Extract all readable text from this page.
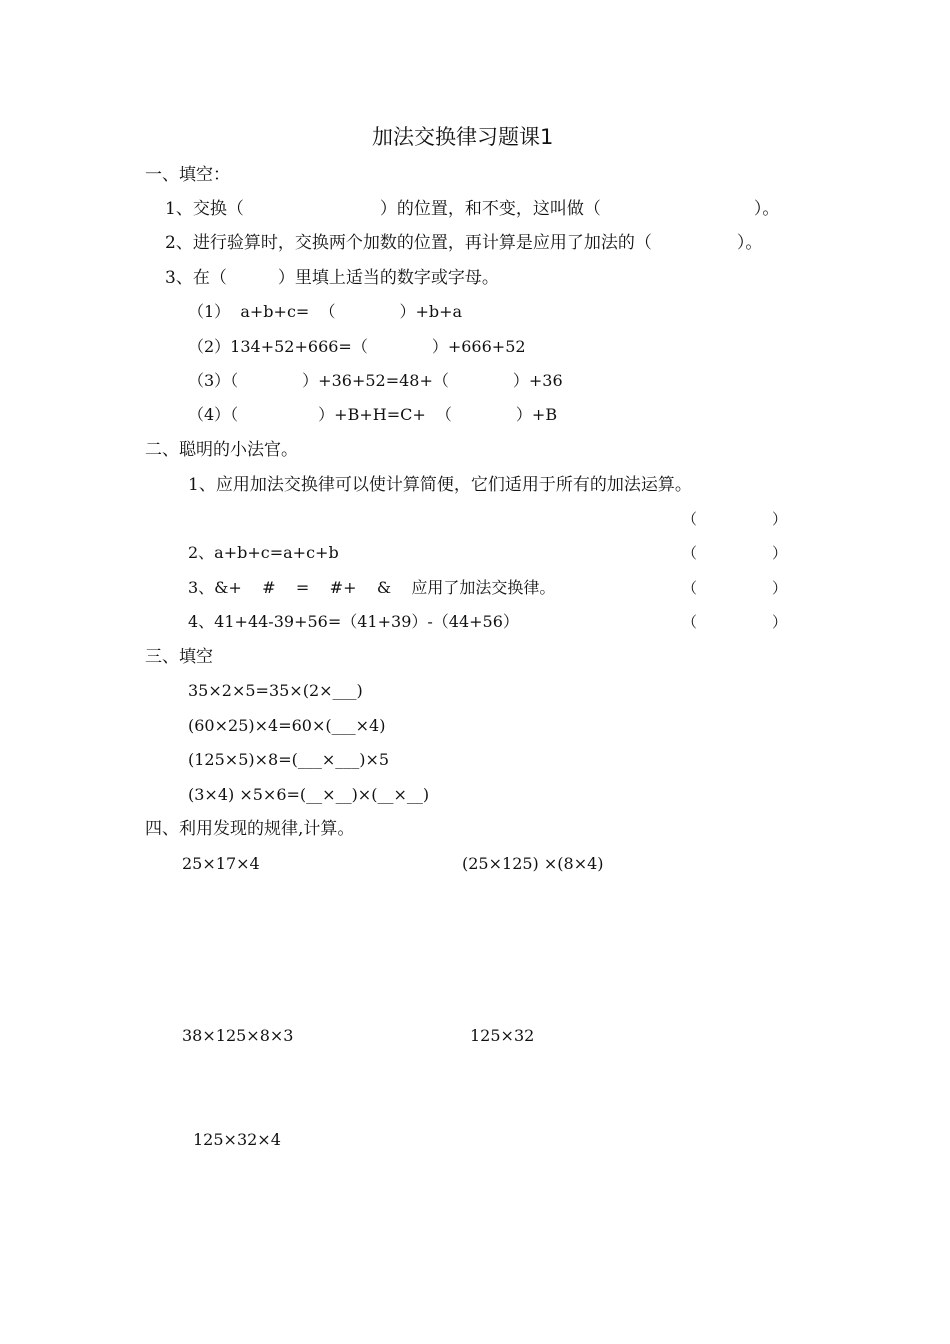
加法交换律习题课1
一、填空：
1、交换（　　　　　　　　）的位置，和不变，这叫做（　　　　　　　　　）。
2、进行验算时，交换两个加数的位置，再计算是应用了加法的（　　　　　）。
3、在（　　　）里填上适当的数字或字母。
（1）  a+b+c=  （　　　　）+b+a
（2）134+52+666=（　　　　）+666+52
（3）（　　　　）+36+52=48+（　　　　）+36
（4）（　　　　　）+B+H=C+  （　　　　）+B
二、聪明的小法官。
1、应用加法交换律可以使计算简便，它们适用于所有的加法运算。
（　　　　　）
2、a+b+c=a+c+b	（　　　　　）
3、&+    #    =    #+    &    应用了加法交换律。	（　　　　　）
4、41+44-39+56=（41+39）-（44+56）	（　　　　　）
三、填空
35×2×5=35×(2×___)
(60×25)×4=60×(___×4)
(125×5)×8=(___×___)×5
(3×4) ×5×6=(__×__)×(__×__)
四、利用发现的规律,计算。
25×17×4	(25×125) ×(8×4)
38×125×8×3	125×32
125×32×4
